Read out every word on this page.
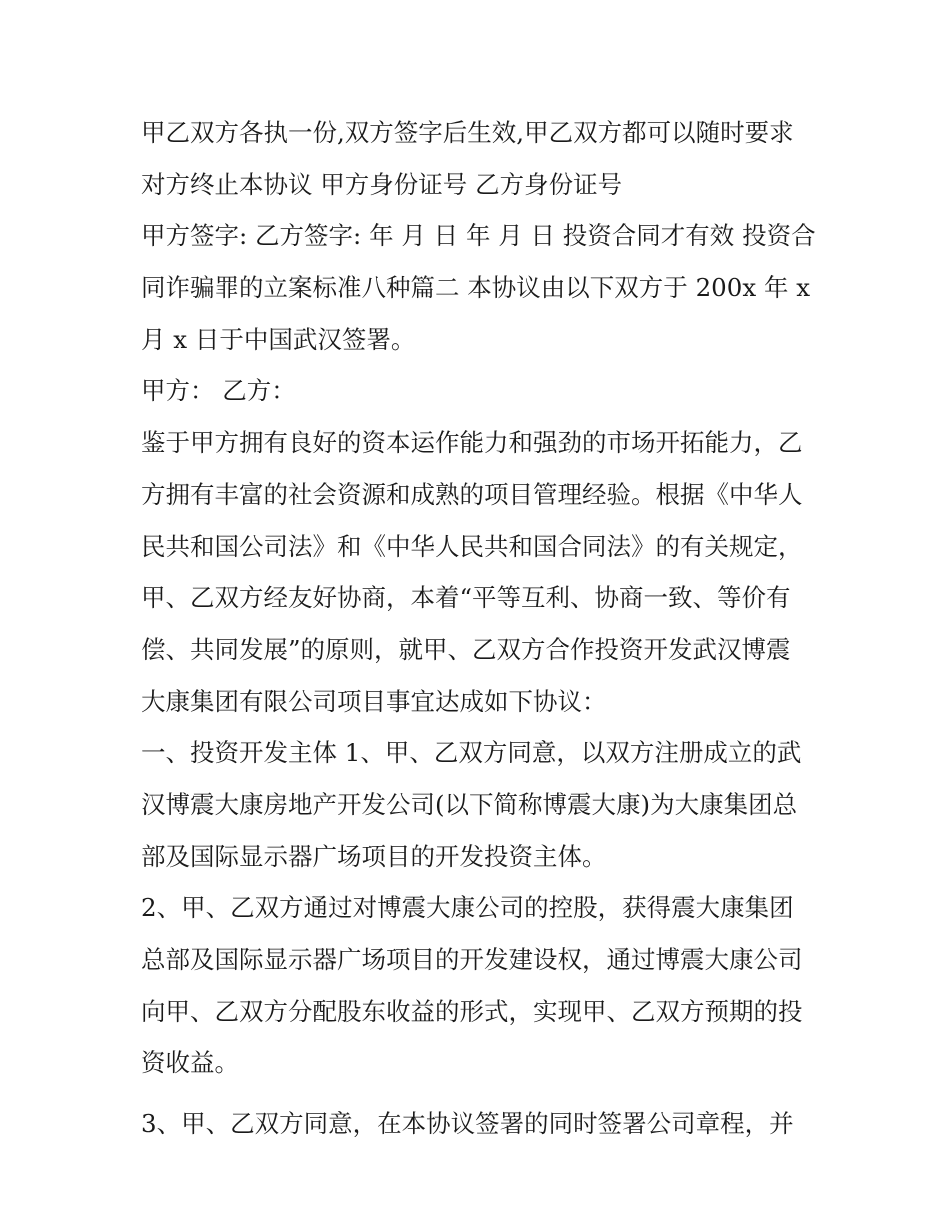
甲乙双方各执一份,双方签字后生效,甲乙双方都可以随时要求
对方终止本协议 甲方身份证号 乙方身份证号

甲方签字: 乙方签字: 年 月 日 年 月 日 投资合同才有效 投资合
同诈骗罪的立案标准八种篇二 本协议由以下双方于 200x 年 x
月 x 日于中国武汉签署。

甲方： 乙方：

鉴于甲方拥有良好的资本运作能力和强劲的市场开拓能力，乙
方拥有丰富的社会资源和成熟的项目管理经验。根据《中华人
民共和国公司法》和《中华人民共和国合同法》的有关规定，
甲、乙双方经友好协商，本着“平等互利、协商一致、等价有
偿、共同发展”的原则，就甲、乙双方合作投资开发武汉博震
大康集团有限公司项目事宜达成如下协议：

一、投资开发主体 1、甲、乙双方同意，以双方注册成立的武
汉博震大康房地产开发公司(以下简称博震大康)为大康集团总
部及国际显示器广场项目的开发投资主体。

2、甲、乙双方通过对博震大康公司的控股，获得震大康集团
总部及国际显示器广场项目的开发建设权，通过博震大康公司
向甲、乙双方分配股东收益的形式，实现甲、乙双方预期的投
资收益。

3、甲、乙双方同意，在本协议签署的同时签署公司章程，并
